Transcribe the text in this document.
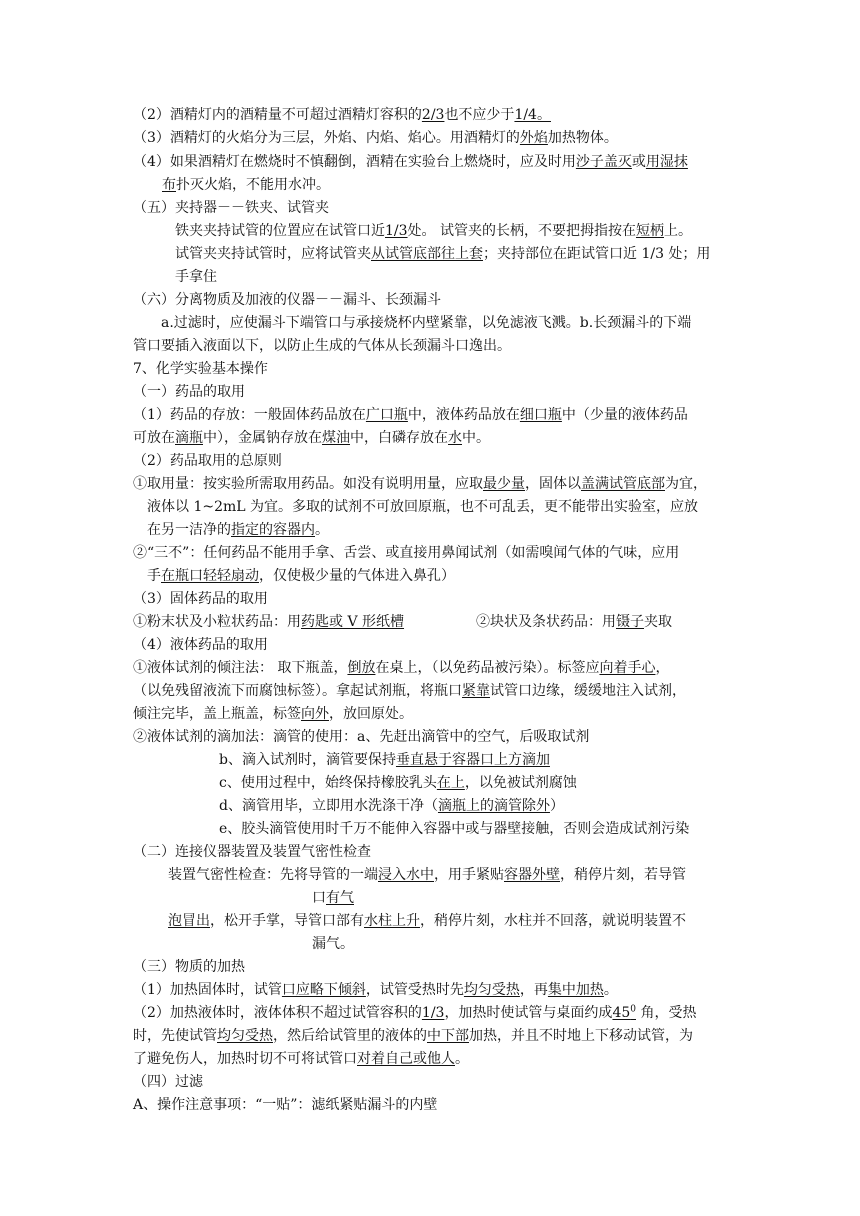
（2）酒精灯内的酒精量不可超过酒精灯容积的2/3也不应少于1/4。
（3）酒精灯的火焰分为三层，外焰、内焰、焰心。用酒精灯的外焰加热物体。
（4）如果酒精灯在燃烧时不慎翻倒，酒精在实验台上燃烧时，应及时用沙子盖灭或用湿抹
布扑灭火焰，不能用水冲。
（五）夹持器－－铁夹、试管夹
铁夹夹持试管的位置应在试管口近1/3处。 试管夹的长柄，不要把拇指按在短柄上。
试管夹夹持试管时，应将试管夹从试管底部往上套；夹持部位在距试管口近 1/3 处；用
手拿住
（六）分离物质及加液的仪器－－漏斗、长颈漏斗
a.过滤时，应使漏斗下端管口与承接烧杯内壁紧靠，以免滤液飞溅。b.长颈漏斗的下端
管口要插入液面以下，以防止生成的气体从长颈漏斗口逸出。
7、化学实验基本操作
（一）药品的取用
（1）药品的存放：一般固体药品放在广口瓶中，液体药品放在细口瓶中（少量的液体药品
可放在滴瓶中），金属钠存放在煤油中，白磷存放在水中。
（2）药品取用的总原则
①取用量：按实验所需取用药品。如没有说明用量，应取最少量，固体以盖满试管底部为宜，
液体以 1~2mL 为宜。多取的试剂不可放回原瓶，也不可乱丢，更不能带出实验室，应放
在另一洁净的指定的容器内。
②“三不”：任何药品不能用手拿、舌尝、或直接用鼻闻试剂（如需嗅闻气体的气味，应用
手在瓶口轻轻扇动，仅使极少量的气体进入鼻孔）
（3）固体药品的取用
①粉末状及小粒状药品：用药匙或 V 形纸槽	②块状及条状药品：用镊子夹取
（4）液体药品的取用
①液体试剂的倾注法： 取下瓶盖，倒放在桌上，（以免药品被污染）。标签应向着手心，
（以免残留液流下而腐蚀标签）。拿起试剂瓶，将瓶口紧靠试管口边缘，缓缓地注入试剂，
倾注完毕，盖上瓶盖，标签向外，放回原处。
②液体试剂的滴加法：滴管的使用：a、先赶出滴管中的空气，后吸取试剂
b、滴入试剂时，滴管要保持垂直悬于容器口上方滴加
c、使用过程中，始终保持橡胶乳头在上，以免被试剂腐蚀
d、滴管用毕，立即用水洗涤干净（滴瓶上的滴管除外）
e、胶头滴管使用时千万不能伸入容器中或与器壁接触，否则会造成试剂污染
（二）连接仪器装置及装置气密性检查
装置气密性检查：先将导管的一端浸入水中，用手紧贴容器外壁，稍停片刻，若导管
口有气
泡冒出，松开手掌，导管口部有水柱上升，稍停片刻，水柱并不回落，就说明装置不
漏气。
（三）物质的加热
（1）加热固体时，试管口应略下倾斜，试管受热时先均匀受热，再集中加热。
（2）加热液体时，液体体积不超过试管容积的1/3，加热时使试管与桌面约成$45^0$ 角，受热
时，先使试管均匀受热，然后给试管里的液体的中下部加热，并且不时地上下移动试管，为
了避免伤人，加热时切不可将试管口对着自己或他人。
（四）过滤
A、操作注意事项：“一贴”：滤纸紧贴漏斗的内壁
